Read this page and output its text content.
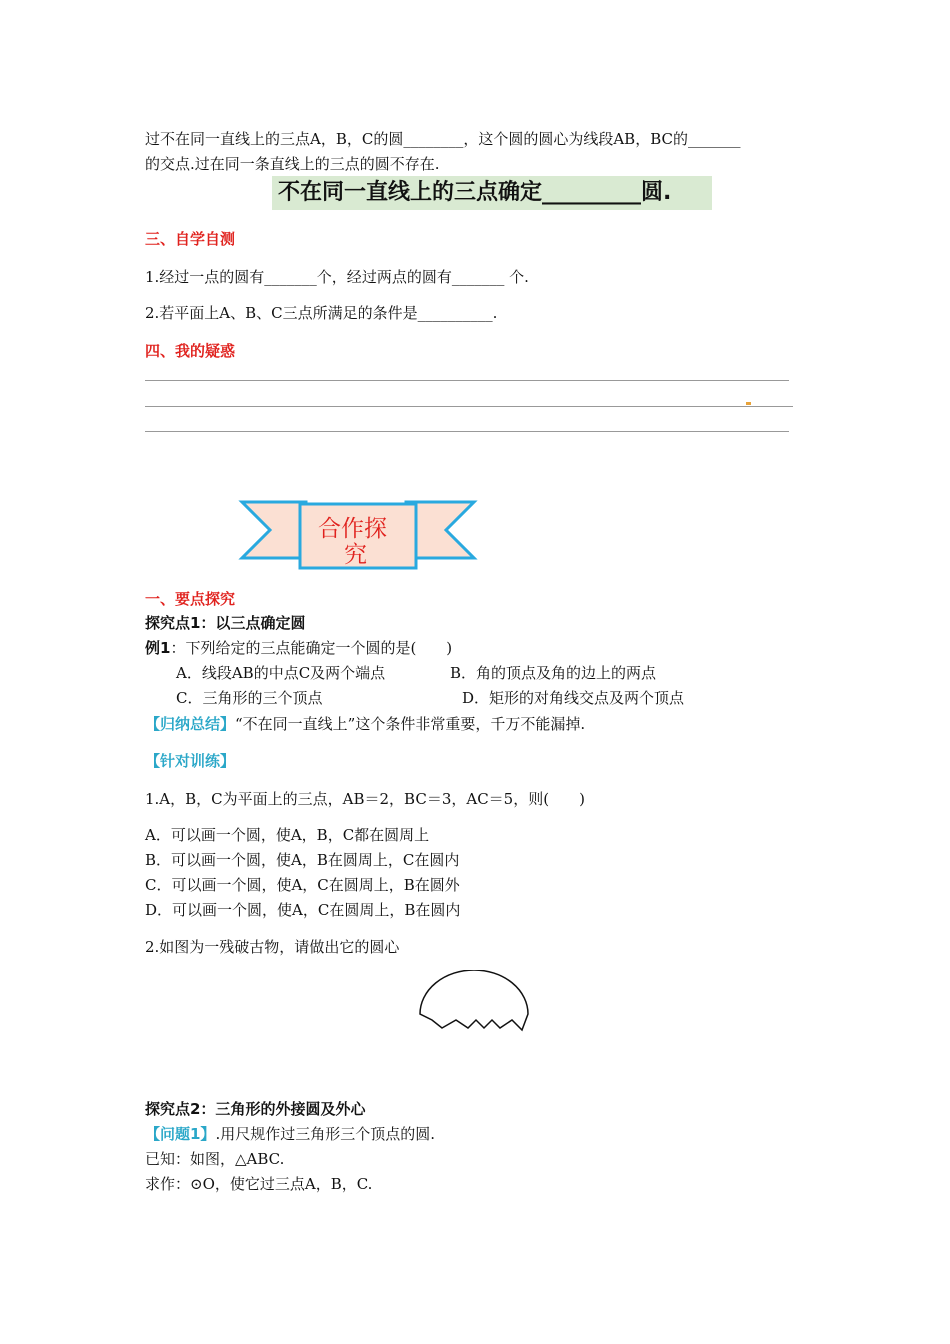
过不在同一直线上的三点A，B，C的圆________，这个圆的圆心为线段AB，BC的_______
的交点.过在同一条直线上的三点的圆不存在.
不在同一直线上的三点确定_________圆.
三、自学自测
1.经过一点的圆有_______个，经过两点的圆有_______ 个.
2.若平面上A、B、C三点所满足的条件是__________.
四、我的疑惑
合作探
究
一、要点探究
探究点1：以三点确定圆
例1：下列给定的三点能确定一个圆的是(　　)
A．线段AB的中点C及两个端点	B．角的顶点及角的边上的两点
C．三角形的三个顶点	D．矩形的对角线交点及两个顶点
【归纳总结】“不在同一直线上”这个条件非常重要，千万不能漏掉.
【针对训练】
1.A，B，C为平面上的三点，AB＝2，BC＝3，AC＝5，则(　　)
A．可以画一个圆，使A，B，C都在圆周上
B．可以画一个圆，使A，B在圆周上，C在圆内
C．可以画一个圆，使A，C在圆周上，B在圆外
D．可以画一个圆，使A，C在圆周上，B在圆内
2.如图为一残破古物，请做出它的圆心
探究点2：三角形的外接圆及外心
【问题1】.用尺规作过三角形三个顶点的圆.
已知：如图，△ABC.
求作：⊙O，使它过三点A，B，C.
